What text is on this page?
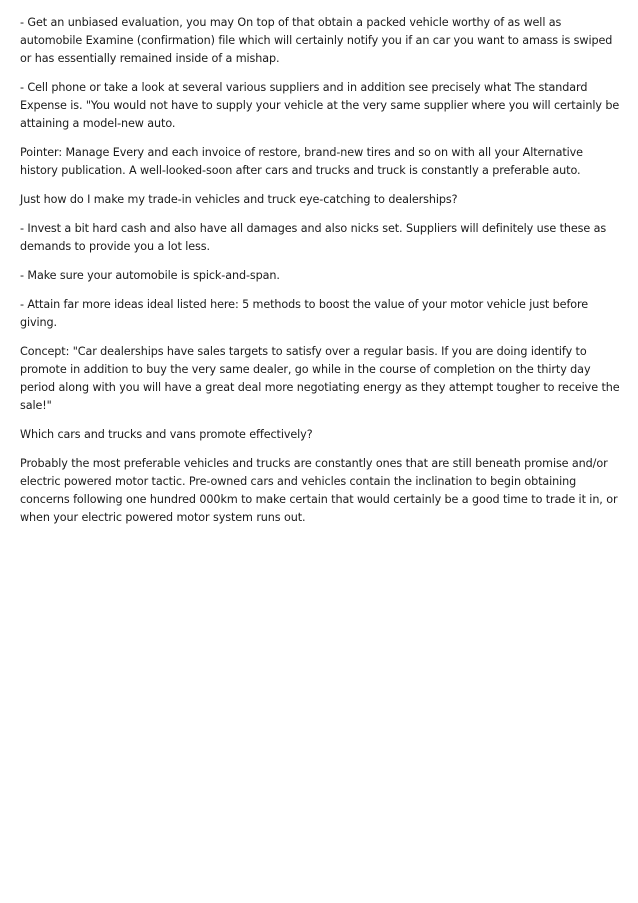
- Get an unbiased evaluation, you may On top of that obtain a packed vehicle worthy of as well as automobile Examine (confirmation) file which will certainly notify you if an car you want to amass is swiped or has essentially remained inside of a mishap.

- Cell phone or take a look at several various suppliers and in addition see precisely what The standard Expense is. "You would not have to supply your vehicle at the very same supplier where you will certainly be attaining a model-new auto.

Pointer: Manage Every and each invoice of restore, brand-new tires and so on with all your Alternative history publication. A well-looked-soon after cars and trucks and truck is constantly a preferable auto.

Just how do I make my trade-in vehicles and truck eye-catching to dealerships?

- Invest a bit hard cash and also have all damages and also nicks set. Suppliers will definitely use these as demands to provide you a lot less.

- Make sure your automobile is spick-and-span.

- Attain far more ideas ideal listed here: 5 methods to boost the value of your motor vehicle just before giving.

Concept: "Car dealerships have sales targets to satisfy over a regular basis. If you are doing identify to promote in addition to buy the very same dealer, go while in the course of completion on the thirty day period along with you will have a great deal more negotiating energy as they attempt tougher to receive the sale!"

Which cars and trucks and vans promote effectively?

Probably the most preferable vehicles and trucks are constantly ones that are still beneath promise and/or electric powered motor tactic. Pre-owned cars and vehicles contain the inclination to begin obtaining concerns following one hundred 000km to make certain that would certainly be a good time to trade it in, or when your electric powered motor system runs out.
